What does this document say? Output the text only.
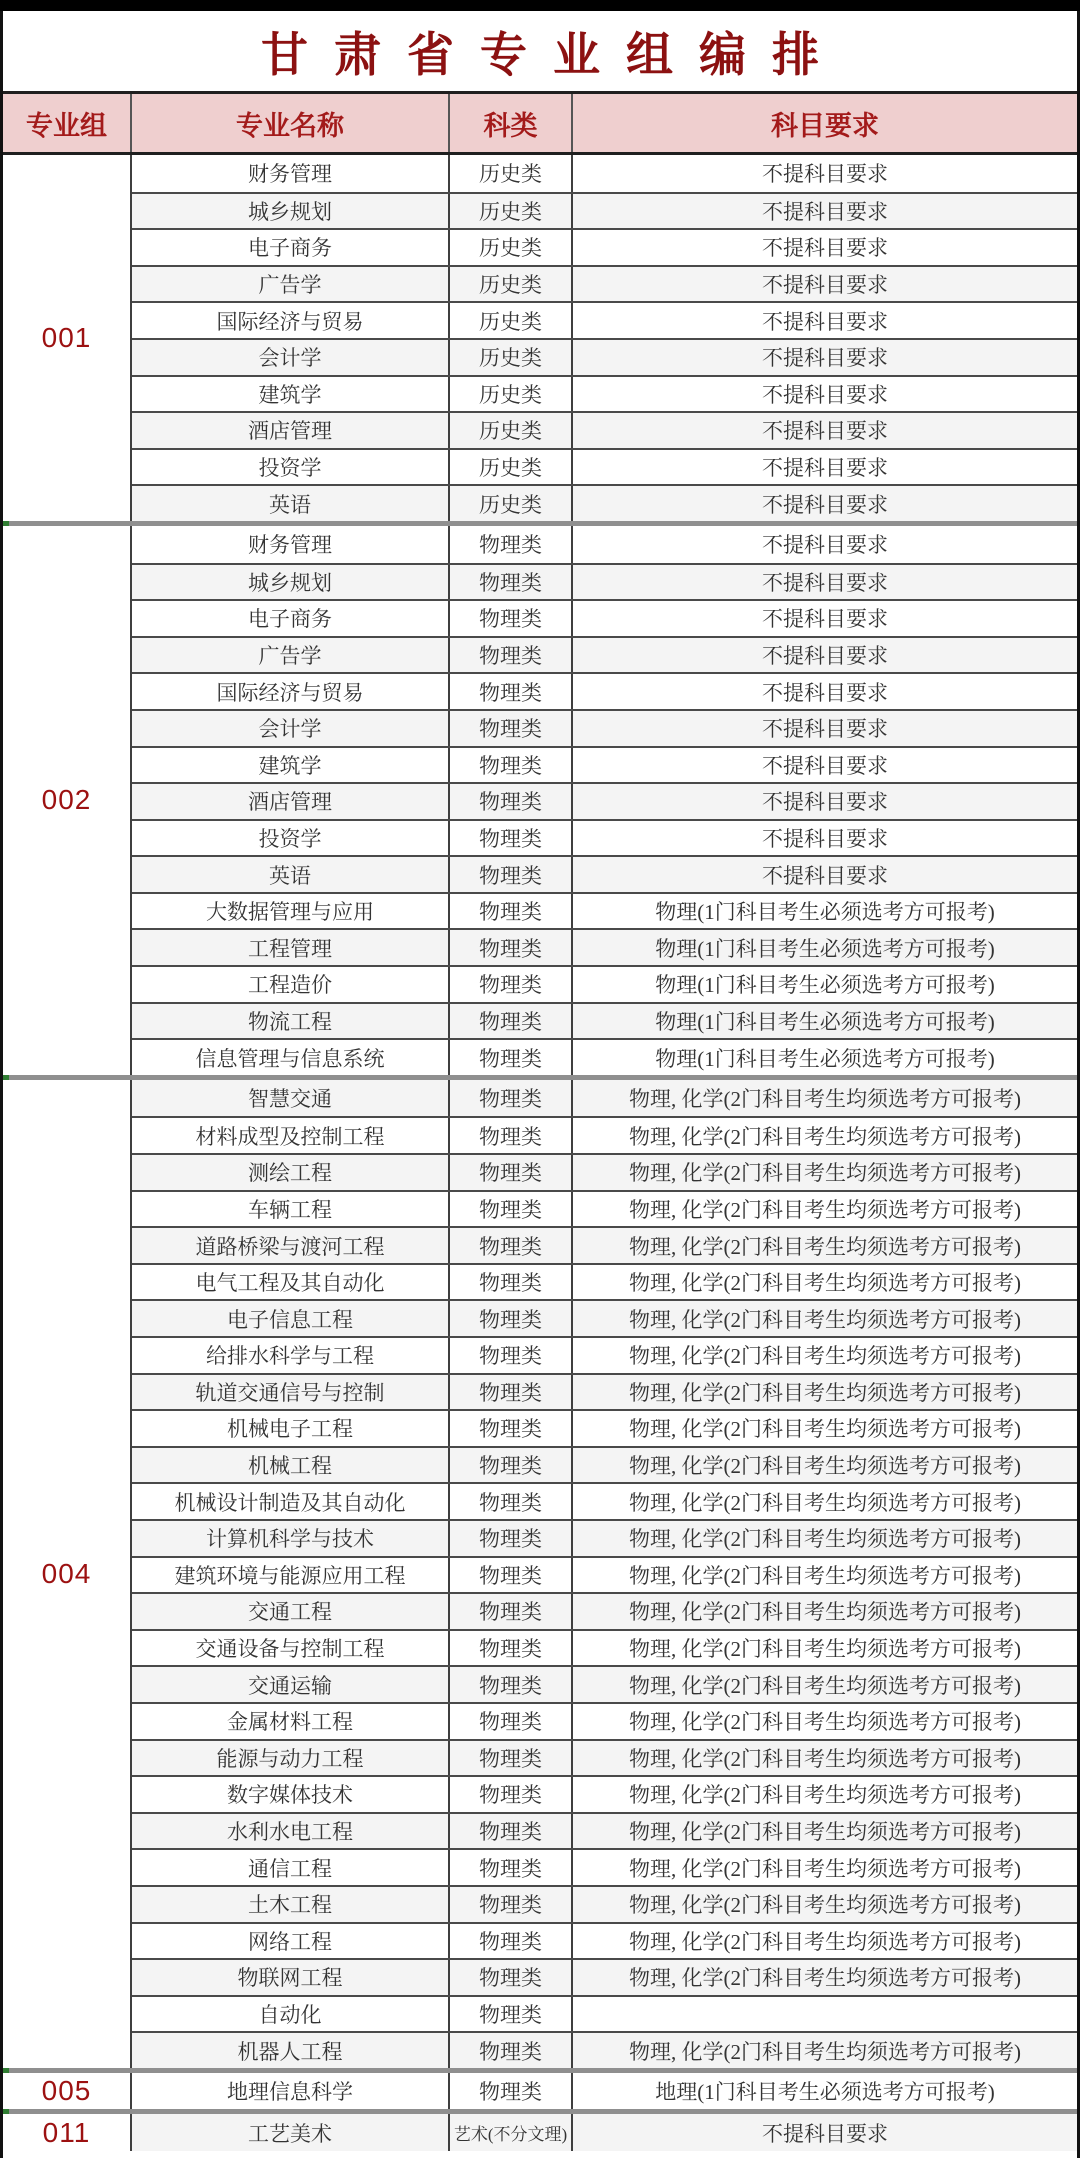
甘肃省专业组编排
专业组	专业名称	科类	科目要求
001
财务管理	历史类	不提科目要求
城乡规划	历史类	不提科目要求
电子商务	历史类	不提科目要求
广告学	历史类	不提科目要求
国际经济与贸易	历史类	不提科目要求
会计学	历史类	不提科目要求
建筑学	历史类	不提科目要求
酒店管理	历史类	不提科目要求
投资学	历史类	不提科目要求
英语	历史类	不提科目要求
002
财务管理	物理类	不提科目要求
城乡规划	物理类	不提科目要求
电子商务	物理类	不提科目要求
广告学	物理类	不提科目要求
国际经济与贸易	物理类	不提科目要求
会计学	物理类	不提科目要求
建筑学	物理类	不提科目要求
酒店管理	物理类	不提科目要求
投资学	物理类	不提科目要求
英语	物理类	不提科目要求
大数据管理与应用	物理类	物理(1门科目考生必须选考方可报考)
工程管理	物理类	物理(1门科目考生必须选考方可报考)
工程造价	物理类	物理(1门科目考生必须选考方可报考)
物流工程	物理类	物理(1门科目考生必须选考方可报考)
信息管理与信息系统	物理类	物理(1门科目考生必须选考方可报考)
004
智慧交通	物理类	物理, 化学(2门科目考生均须选考方可报考)
材料成型及控制工程	物理类	物理, 化学(2门科目考生均须选考方可报考)
测绘工程	物理类	物理, 化学(2门科目考生均须选考方可报考)
车辆工程	物理类	物理, 化学(2门科目考生均须选考方可报考)
道路桥梁与渡河工程	物理类	物理, 化学(2门科目考生均须选考方可报考)
电气工程及其自动化	物理类	物理, 化学(2门科目考生均须选考方可报考)
电子信息工程	物理类	物理, 化学(2门科目考生均须选考方可报考)
给排水科学与工程	物理类	物理, 化学(2门科目考生均须选考方可报考)
轨道交通信号与控制	物理类	物理, 化学(2门科目考生均须选考方可报考)
机械电子工程	物理类	物理, 化学(2门科目考生均须选考方可报考)
机械工程	物理类	物理, 化学(2门科目考生均须选考方可报考)
机械设计制造及其自动化	物理类	物理, 化学(2门科目考生均须选考方可报考)
计算机科学与技术	物理类	物理, 化学(2门科目考生均须选考方可报考)
建筑环境与能源应用工程	物理类	物理, 化学(2门科目考生均须选考方可报考)
交通工程	物理类	物理, 化学(2门科目考生均须选考方可报考)
交通设备与控制工程	物理类	物理, 化学(2门科目考生均须选考方可报考)
交通运输	物理类	物理, 化学(2门科目考生均须选考方可报考)
金属材料工程	物理类	物理, 化学(2门科目考生均须选考方可报考)
能源与动力工程	物理类	物理, 化学(2门科目考生均须选考方可报考)
数字媒体技术	物理类	物理, 化学(2门科目考生均须选考方可报考)
水利水电工程	物理类	物理, 化学(2门科目考生均须选考方可报考)
通信工程	物理类	物理, 化学(2门科目考生均须选考方可报考)
土木工程	物理类	物理, 化学(2门科目考生均须选考方可报考)
网络工程	物理类	物理, 化学(2门科目考生均须选考方可报考)
物联网工程	物理类	物理, 化学(2门科目考生均须选考方可报考)
自动化	物理类
机器人工程	物理类	物理, 化学(2门科目考生均须选考方可报考)
005	地理信息科学	物理类	地理(1门科目考生必须选考方可报考)
011	工艺美术	艺术(不分文理)	不提科目要求
